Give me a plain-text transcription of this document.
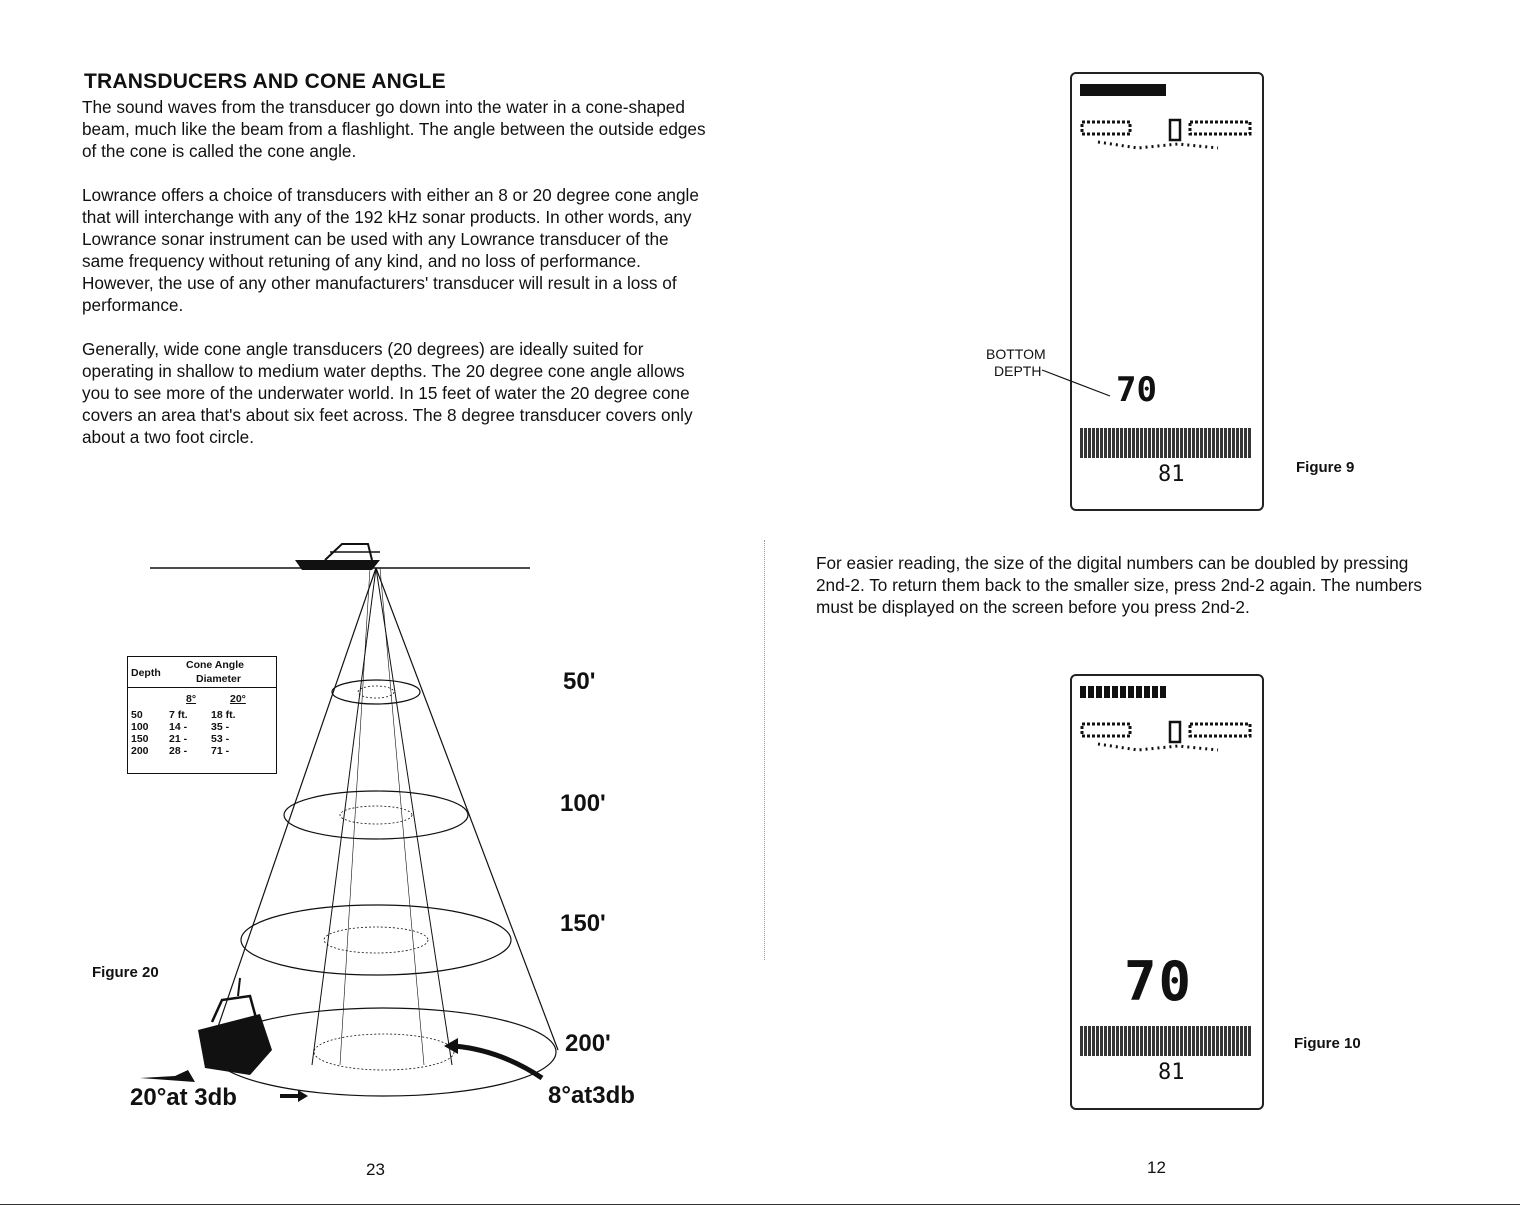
TRANSDUCERS AND CONE ANGLE

The sound waves from the transducer go down into the water in a cone-shaped beam, much like the beam from a flashlight. The angle between the outside edges of the cone is called the cone angle.

Lowrance offers a choice of transducers with either an 8 or 20 degree cone angle that will interchange with any of the 192 kHz sonar products. In other words, any Lowrance sonar instrument can be used with any Lowrance transducer of the same frequency without retuning of any kind, and no loss of performance. However, the use of any other manufacturers' transducer will result in a loss of performance.

Generally, wide cone angle transducers (20 degrees) are ideally suited for operating in shallow to medium water depths. The 20 degree cone angle allows you to see more of the underwater world. In 15 feet of water the 20 degree cone covers an area that's about six feet across. The 8 degree transducer covers only about a two foot circle.

Depth
Cone Angle
Diameter
8°	20°
50	7 ft.	18 ft.
100	14 -	35 -
150	21 -	53 -
200	28 -	71 -
50'
100'
150'
200'
20°at 3db	8°at3db
Figure 20
23
70
81
BOTTOM
DEPTH
Figure 9

For easier reading, the size of the digital numbers can be doubled by pressing 2nd-2. To return them back to the smaller size, press 2nd-2 again. The numbers must be displayed on the screen before you press 2nd-2.

70
81
Figure 10
12
